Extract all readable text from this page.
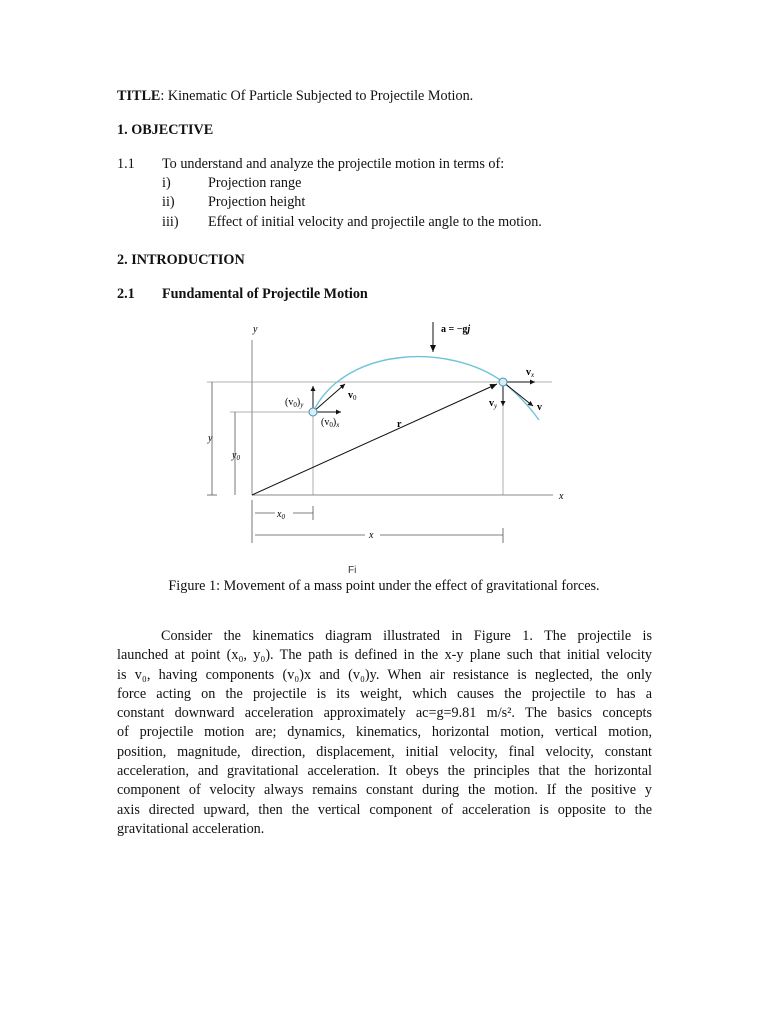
TITLE: Kinematic Of Particle Subjected to Projectile Motion.
1. OBJECTIVE
1.1 To understand and analyze the projectile motion in terms of:
i)	Projection range
ii) Projection height
iii) Effect of initial velocity and projectile angle to the motion.
2. INTRODUCTION
2.1 Fundamental of Projectile Motion
y
x
a = −gj
$v_0$
$(v_0)_y$
$(v_0)_x$	r
$v_x$
$v_y$	v
y
$y_0$
$x_0$
x
Fi
Figure 1: Movement of a mass point under the effect of gravitational forces.
Consider the kinematics diagram illustrated in Figure 1. The projectile is
launched at point (x₀, y₀). The path is defined in the x-y plane such that initial velocity
is v₀, having components (v₀)x and (v₀)y. When air resistance is neglected, the only
force acting on the projectile is its weight, which causes the projectile to has a
constant downward acceleration approximately ac=g=9.81 m/s². The basics concepts
of projectile motion are; dynamics, kinematics, horizontal motion, vertical motion,
position, magnitude, direction, displacement, initial velocity, final velocity, constant
acceleration, and gravitational acceleration. It obeys the principles that the horizontal
component of velocity always remains constant during the motion. If the positive y
axis directed upward, then the vertical component of acceleration is opposite to the
gravitational acceleration.
